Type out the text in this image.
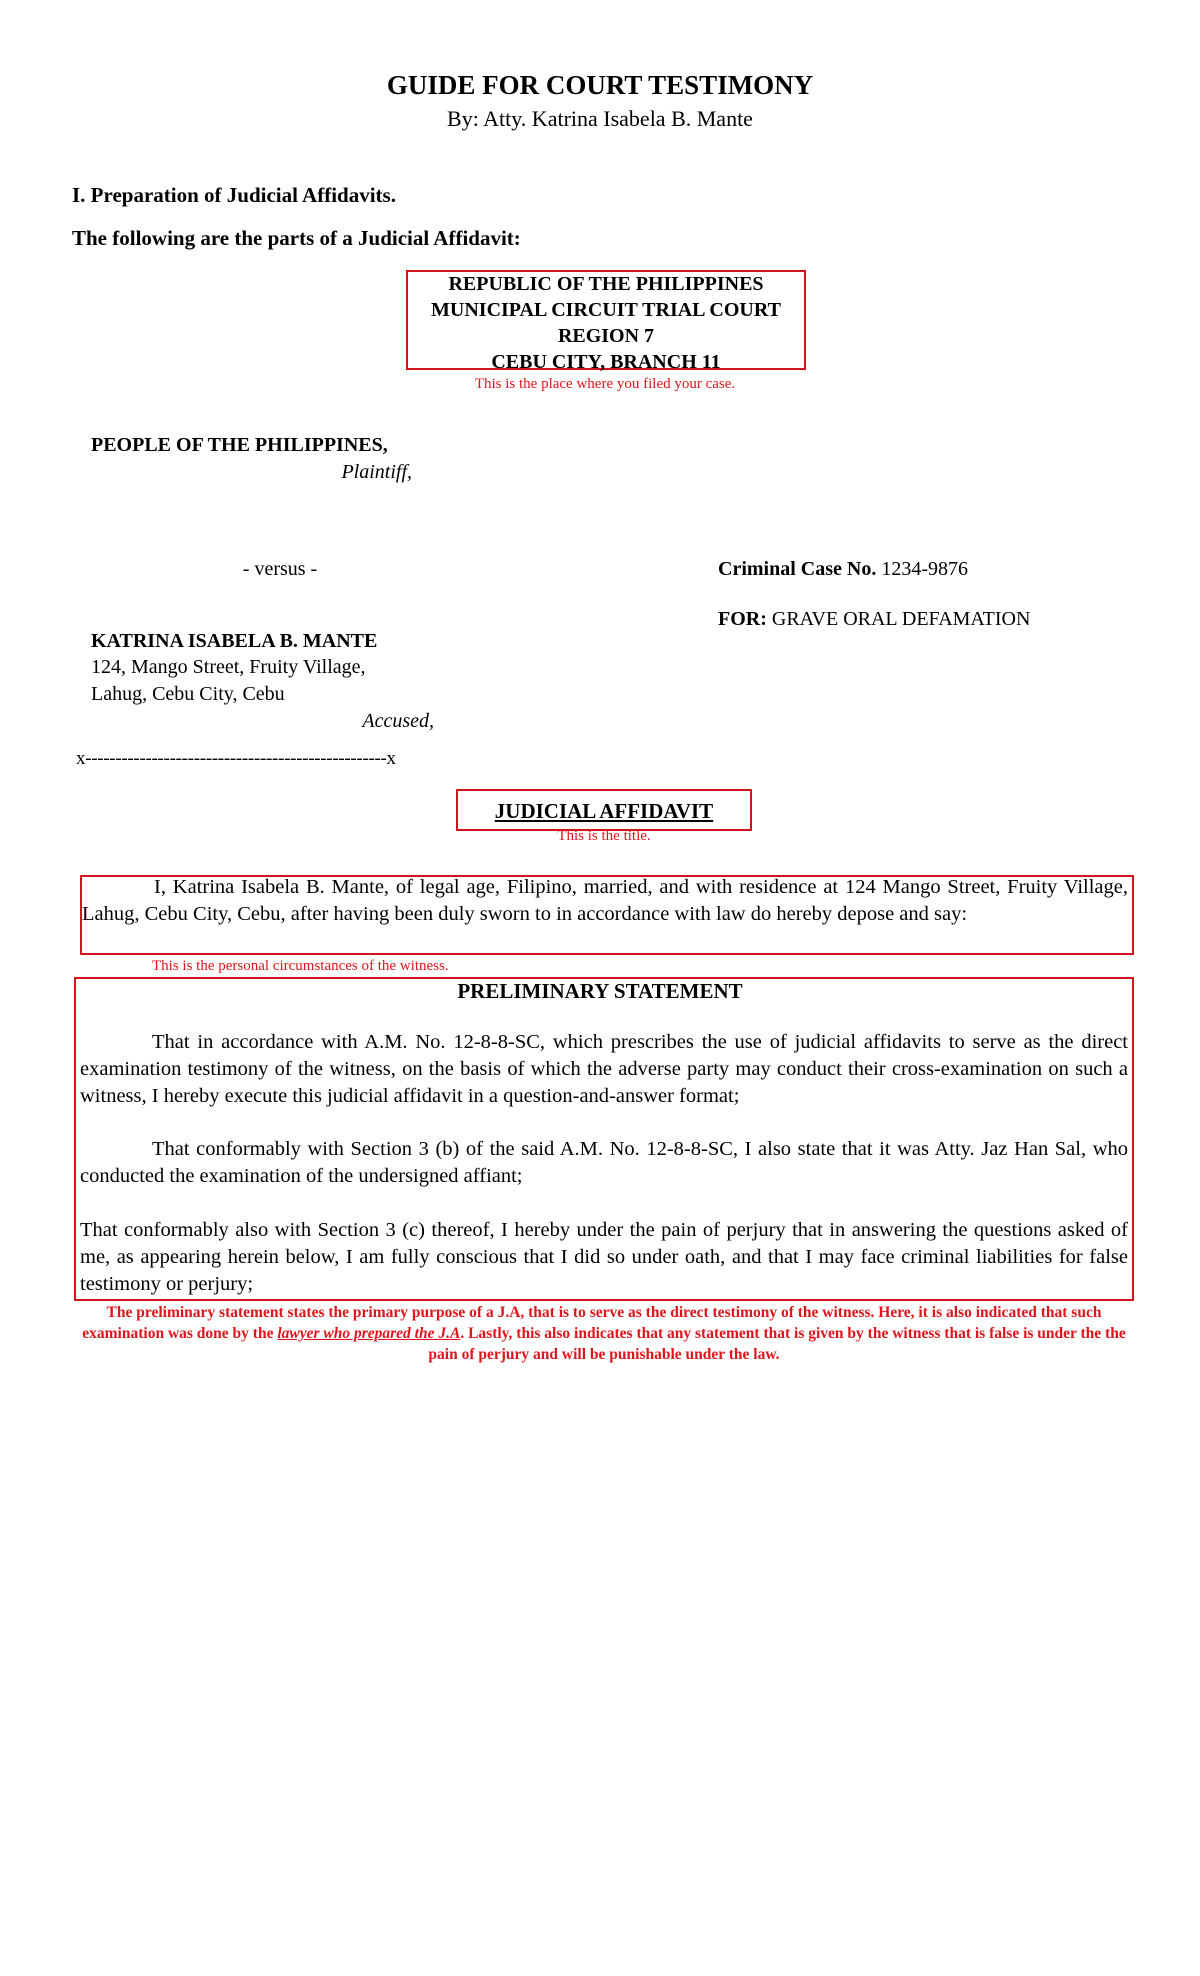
GUIDE FOR COURT TESTIMONY
By: Atty. Katrina Isabela B. Mante
I. Preparation of Judicial Affidavits.
The following are the parts of a Judicial Affidavit:
REPUBLIC OF THE PHILIPPINES
MUNICIPAL CIRCUIT TRIAL COURT
REGION 7
CEBU CITY, BRANCH 11
This is the place where you filed your case.
PEOPLE OF THE PHILIPPINES,
Plaintiff,
- versus -	Criminal Case No. 1234-9876
FOR: GRAVE ORAL DEFAMATION
KATRINA ISABELA B. MANTE
124, Mango Street, Fruity Village,
Lahug, Cebu City, Cebu
Accused,
x--------------------------------------------------x
JUDICIAL AFFIDAVIT
This is the title.
I, Katrina Isabela B. Mante, of legal age, Filipino, married, and with residence at 124 Mango Street, Fruity Village, Lahug, Cebu City, Cebu, after having been duly sworn to in accordance with law do hereby depose and say:
This is the personal circumstances of the witness.
PRELIMINARY STATEMENT
That in accordance with A.M. No. 12-8-8-SC, which prescribes the use of judicial affidavits to serve as the direct examination testimony of the witness, on the basis of which the adverse party may conduct their cross-examination on such a witness, I hereby execute this judicial affidavit in a question-and-answer format;
That conformably with Section 3 (b) of the said A.M. No. 12-8-8-SC, I also state that it was Atty. Jaz Han Sal, who conducted the examination of the undersigned affiant;
That conformably also with Section 3 (c) thereof, I hereby under the pain of perjury that in answering the questions asked of me, as appearing herein below, I am fully conscious that I did so under oath, and that I may face criminal liabilities for false testimony or perjury;
The preliminary statement states the primary purpose of a J.A, that is to serve as the direct testimony of the witness. Here, it is also indicated that such examination was done by the lawyer who prepared the J.A. Lastly, this also indicates that any statement that is given by the witness that is false is under the the pain of perjury and will be punishable under the law.
